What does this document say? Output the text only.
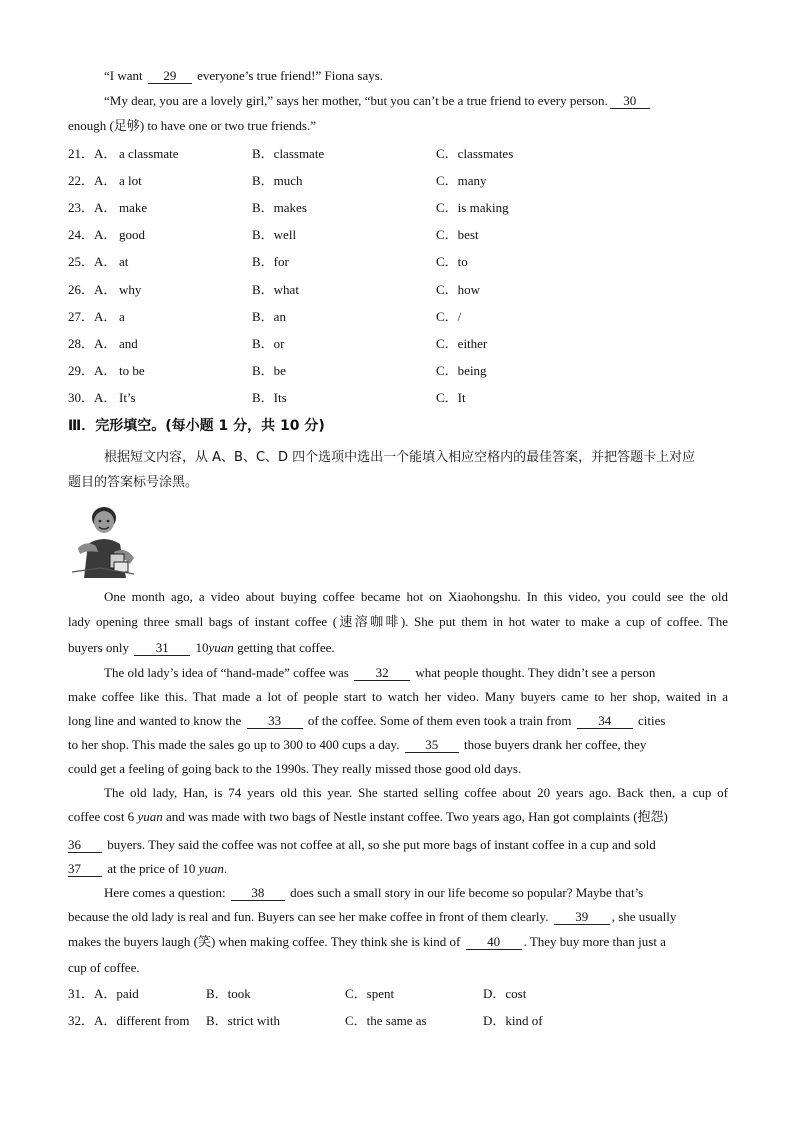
“I want 29 everyone’s true friend!” Fiona says.
“My dear, you are a lovely girl,” says her mother, “but you can’t be a true friend to every person. 30
enough (足够) to have one or two true friends.”
21．A． a classmate	B．classmate	C．classmates
22．A． a lot	B．much	C．many
23．A． make	B．makes	C．is making
24．A． good	B．well	C．best
25．A． at	B．for	C．to
26．A． why	B．what	C．how
27．A． a	B．an	C．/
28．A． and	B．or	C．either
29．A． to be	B．be	C．being
30．A． It’s	B．Its	C．It
Ⅲ．完形填空。(每小题 1 分，共 10 分)
根据短文内容，从 A、B、C、D 四个选项中选出一个能填入相应空格内的最佳答案，并把答题卡上对应
题目的答案标号涂黑。
One month ago, a video about buying coffee became hot on Xiaohongshu. In this video, you could see the old
lady opening three small bags of instant coffee (速溶咖啡). She put them in hot water to make a cup of coffee. The
buyers only 31 10yuan getting that coffee.
The old lady’s idea of “hand-made” coffee was 32 what people thought. They didn’t see a person
make coffee like this. That made a lot of people start to watch her video. Many buyers came to her shop, waited in a
long line and wanted to know the 33 of the coffee. Some of them even took a train from 34 cities
to her shop. This made the sales go up to 300 to 400 cups a day. 35 those buyers drank her coffee, they
could get a feeling of going back to the 1990s. They really missed those good old days.
The old lady, Han, is 74 years old this year. She started selling coffee about 20 years ago. Back then, a cup of
coffee cost 6 yuan and was made with two bags of Nestle instant coffee. Two years ago, Han got complaints (抱怨)
36 buyers. They said the coffee was not coffee at all, so she put more bags of instant coffee in a cup and sold
37 at the price of 10 yuan.
Here comes a question: 38 does such a small story in our life become so popular? Maybe that’s
because the old lady is real and fun. Buyers can see her make coffee in front of them clearly. 39 , she usually
makes the buyers laugh (笑) when making coffee. They think she is kind of 40 . They buy more than just a
cup of coffee.
31．A．paid	B．took	C．spent	D．cost
32．A．different from B．strict with	C．the same as	D．kind of
